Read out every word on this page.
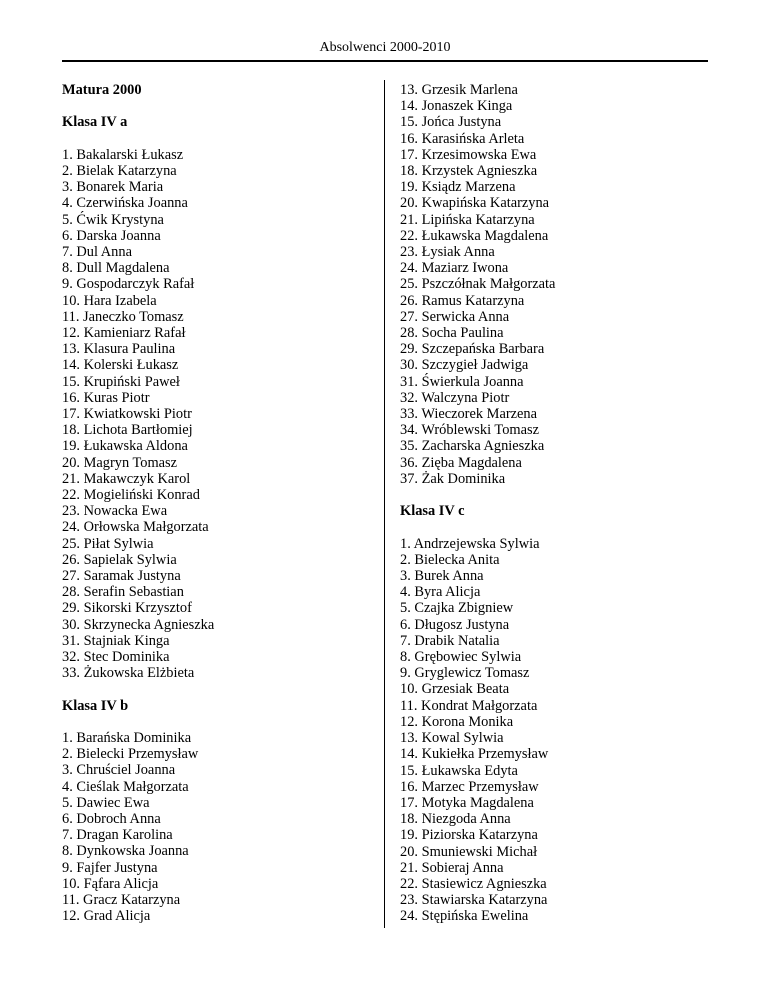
Absolwenci 2000-2010
Matura 2000
Klasa IV a
1. Bakalarski Łukasz
2. Bielak Katarzyna
3. Bonarek Maria
4. Czerwińska Joanna
5. Ćwik Krystyna
6. Darska Joanna
7. Dul Anna
8. Dull Magdalena
9. Gospodarczyk Rafał
10. Hara Izabela
11. Janeczko Tomasz
12. Kamieniarz Rafał
13. Klasura Paulina
14. Kolerski Łukasz
15. Krupiński Paweł
16. Kuras Piotr
17. Kwiatkowski Piotr
18. Lichota Bartłomiej
19. Łukawska Aldona
20. Magryn Tomasz
21. Makawczyk Karol
22. Mogieliński Konrad
23. Nowacka Ewa
24. Orłowska Małgorzata
25. Piłat Sylwia
26. Sapielak Sylwia
27. Saramak Justyna
28. Serafin Sebastian
29. Sikorski Krzysztof
30. Skrzynecka Agnieszka
31. Stajniak Kinga
32. Stec Dominika
33. Żukowska Elżbieta
Klasa IV b
1. Barańska Dominika
2. Bielecki Przemysław
3. Chruściel Joanna
4. Cieślak Małgorzata
5. Dawiec Ewa
6. Dobroch Anna
7. Dragan Karolina
8. Dynkowska Joanna
9. Fajfer Justyna
10. Fąfara Alicja
11. Gracz Katarzyna
12. Grad Alicja
13. Grzesik Marlena
14. Jonaszek Kinga
15. Jońca Justyna
16. Karasińska Arleta
17. Krzesimowska Ewa
18. Krzystek Agnieszka
19. Ksiądz Marzena
20. Kwapińska Katarzyna
21. Lipińska Katarzyna
22. Łukawska Magdalena
23. Łysiak Anna
24. Maziarz Iwona
25. Pszczółnak Małgorzata
26. Ramus Katarzyna
27. Serwicka Anna
28. Socha Paulina
29. Szczepańska Barbara
30. Szczygieł Jadwiga
31. Świerkula Joanna
32. Walczyna Piotr
33. Wieczorek Marzena
34. Wróblewski Tomasz
35. Zacharska Agnieszka
36. Zięba Magdalena
37. Żak Dominika
Klasa IV c
1. Andrzejewska Sylwia
2. Bielecka Anita
3. Burek Anna
4. Byra Alicja
5. Czajka Zbigniew
6. Długosz Justyna
7. Drabik Natalia
8. Grębowiec Sylwia
9. Gryglewicz Tomasz
10. Grzesiak Beata
11. Kondrat Małgorzata
12. Korona Monika
13. Kowal Sylwia
14. Kukiełka Przemysław
15. Łukawska Edyta
16. Marzec Przemysław
17. Motyka Magdalena
18. Niezgoda Anna
19. Piziorska Katarzyna
20. Smuniewski Michał
21. Sobieraj Anna
22. Stasiewicz Agnieszka
23. Stawiarska Katarzyna
24. Stępińska Ewelina
